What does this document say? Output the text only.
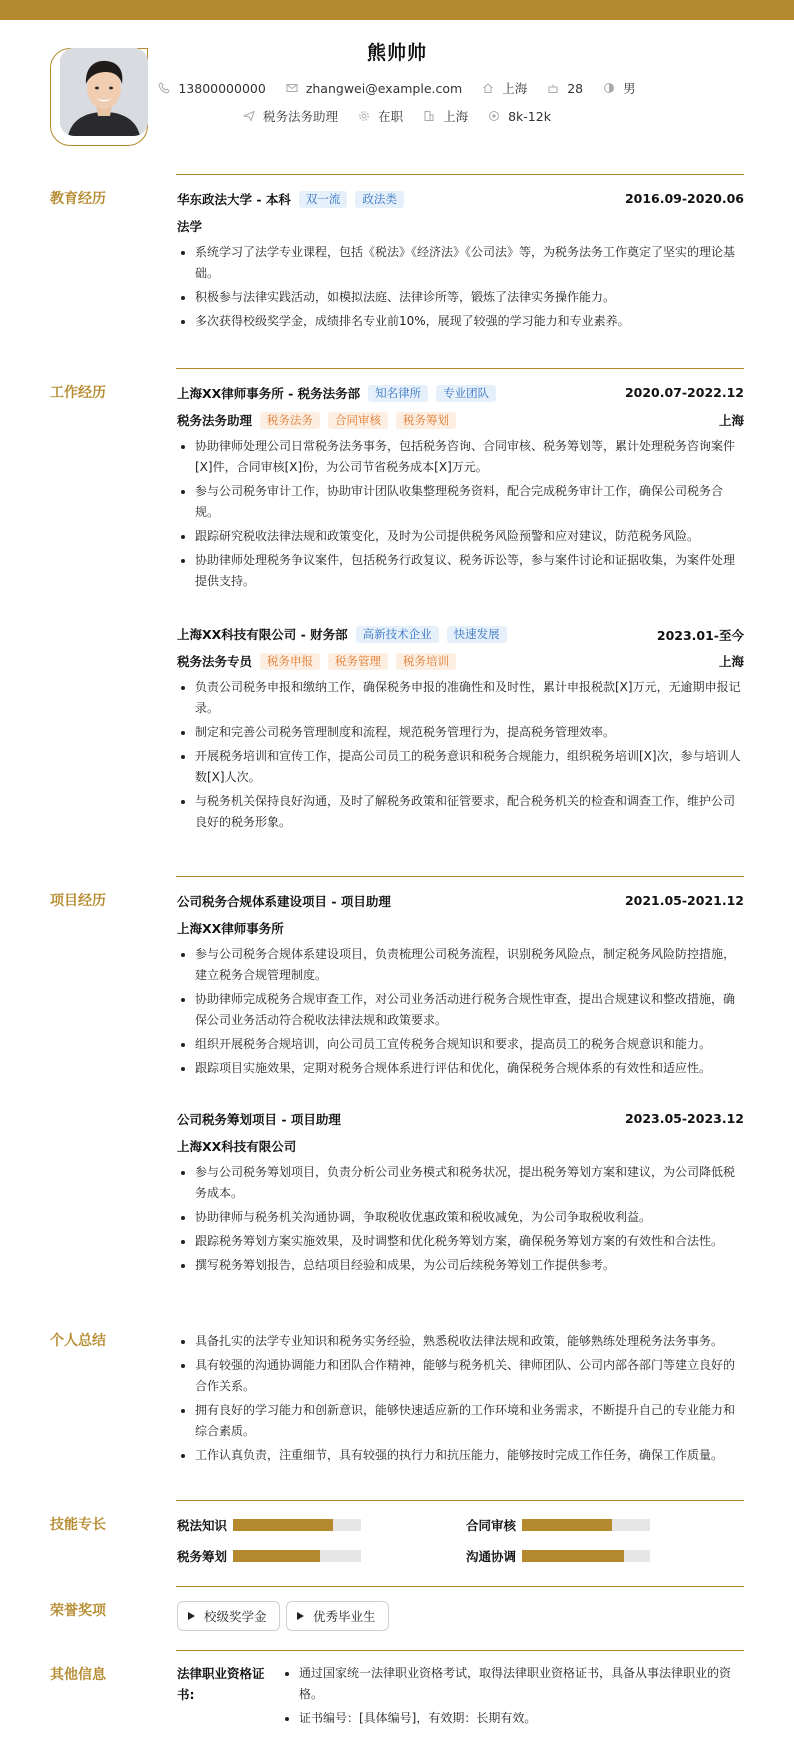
熊帅帅
13800000000	zhangwei@example.com	上海	28	男
税务法务助理	在职	上海	8k-12k
教育经历	华东政法大学 - 本科	双一流	政法类	2016.09-2020.06
法学
系统学习了法学专业课程，包括《税法》《经济法》《公司法》等，为税务法务工作奠定了坚实的理论基础。
积极参与法律实践活动，如模拟法庭、法律诊所等，锻炼了法律实务操作能力。
多次获得校级奖学金，成绩排名专业前10%，展现了较强的学习能力和专业素养。
工作经历	上海XX律师事务所 - 税务法务部	知名律所	专业团队	2020.07-2022.12
税务法务助理	税务法务	合同审核	税务筹划	上海
协助律师处理公司日常税务法务事务，包括税务咨询、合同审核、税务筹划等，累计处理税务咨询案件[X]件，合同审核[X]份，为公司节省税务成本[X]万元。
参与公司税务审计工作，协助审计团队收集整理税务资料，配合完成税务审计工作，确保公司税务合规。
跟踪研究税收法律法规和政策变化，及时为公司提供税务风险预警和应对建议，防范税务风险。
协助律师处理税务争议案件，包括税务行政复议、税务诉讼等，参与案件讨论和证据收集，为案件处理提供支持。
上海XX科技有限公司 - 财务部	高新技术企业	快速发展	2023.01-至今
税务法务专员	税务申报	税务管理	税务培训	上海
负责公司税务申报和缴纳工作，确保税务申报的准确性和及时性，累计申报税款[X]万元，无逾期申报记录。
制定和完善公司税务管理制度和流程，规范税务管理行为，提高税务管理效率。
开展税务培训和宣传工作，提高公司员工的税务意识和税务合规能力，组织税务培训[X]次，参与培训人数[X]人次。
与税务机关保持良好沟通，及时了解税务政策和征管要求，配合税务机关的检查和调查工作，维护公司良好的税务形象。
项目经历	公司税务合规体系建设项目 - 项目助理	2021.05-2021.12
上海XX律师事务所
参与公司税务合规体系建设项目，负责梳理公司税务流程，识别税务风险点，制定税务风险防控措施，建立税务合规管理制度。
协助律师完成税务合规审查工作，对公司业务活动进行税务合规性审查，提出合规建议和整改措施，确保公司业务活动符合税收法律法规和政策要求。
组织开展税务合规培训，向公司员工宣传税务合规知识和要求，提高员工的税务合规意识和能力。
跟踪项目实施效果，定期对税务合规体系进行评估和优化，确保税务合规体系的有效性和适应性。
公司税务筹划项目 - 项目助理	2023.05-2023.12
上海XX科技有限公司
参与公司税务筹划项目，负责分析公司业务模式和税务状况，提出税务筹划方案和建议，为公司降低税务成本。
协助律师与税务机关沟通协调，争取税收优惠政策和税收减免，为公司争取税收利益。
跟踪税务筹划方案实施效果，及时调整和优化税务筹划方案，确保税务筹划方案的有效性和合法性。
撰写税务筹划报告，总结项目经验和成果，为公司后续税务筹划工作提供参考。
个人总结	具备扎实的法学专业知识和税务实务经验，熟悉税收法律法规和政策，能够熟练处理税务法务事务。
具有较强的沟通协调能力和团队合作精神，能够与税务机关、律师团队、公司内部各部门等建立良好的合作关系。
拥有良好的学习能力和创新意识，能够快速适应新的工作环境和业务需求，不断提升自己的专业能力和综合素质。
工作认真负责，注重细节，具有较强的执行力和抗压能力，能够按时完成工作任务，确保工作质量。
技能专长	税法知识	合同审核
税务筹划	沟通协调
荣誉奖项	校级奖学金	优秀毕业生
其他信息	法律职业资格证书:
通过国家统一法律职业资格考试，取得法律职业资格证书，具备从事法律职业的资格。
证书编号：[具体编号]，有效期：长期有效。
